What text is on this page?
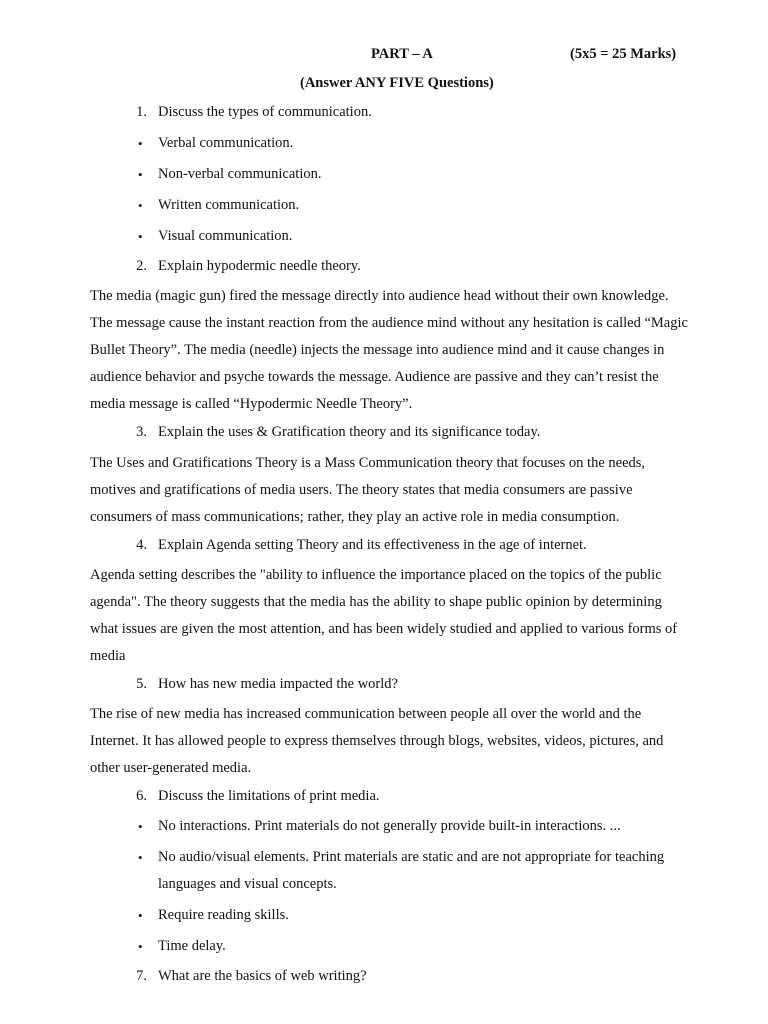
PART – A	(5x5 = 25 Marks)
(Answer ANY FIVE Questions)
1. Discuss the types of communication.
• Verbal communication.
• Non-verbal communication.
• Written communication.
• Visual communication.
2. Explain hypodermic needle theory.
The media (magic gun) fired the message directly into audience head without their own knowledge.
The message cause the instant reaction from the audience mind without any hesitation is called “Magic
Bullet Theory”. The media (needle) injects the message into audience mind and it cause changes in
audience behavior and psyche towards the message. Audience are passive and they can’t resist the
media message is called “Hypodermic Needle Theory”.
3. Explain the uses & Gratification theory and its significance today.
The Uses and Gratifications Theory is a Mass Communication theory that focuses on the needs,
motives and gratifications of media users. The theory states that media consumers are passive
consumers of mass communications; rather, they play an active role in media consumption.
4. Explain Agenda setting Theory and its effectiveness in the age of internet.
Agenda setting describes the "ability to influence the importance placed on the topics of the public
agenda". The theory suggests that the media has the ability to shape public opinion by determining
what issues are given the most attention, and has been widely studied and applied to various forms of
media
5. How has new media impacted the world?
The rise of new media has increased communication between people all over the world and the
Internet. It has allowed people to express themselves through blogs, websites, videos, pictures, and
other user-generated media.
6. Discuss the limitations of print media.
• No interactions. Print materials do not generally provide built-in interactions. ...
• No audio/visual elements. Print materials are static and are not appropriate for teaching
languages and visual concepts.
• Require reading skills.
• Time delay.
7. What are the basics of web writing?
